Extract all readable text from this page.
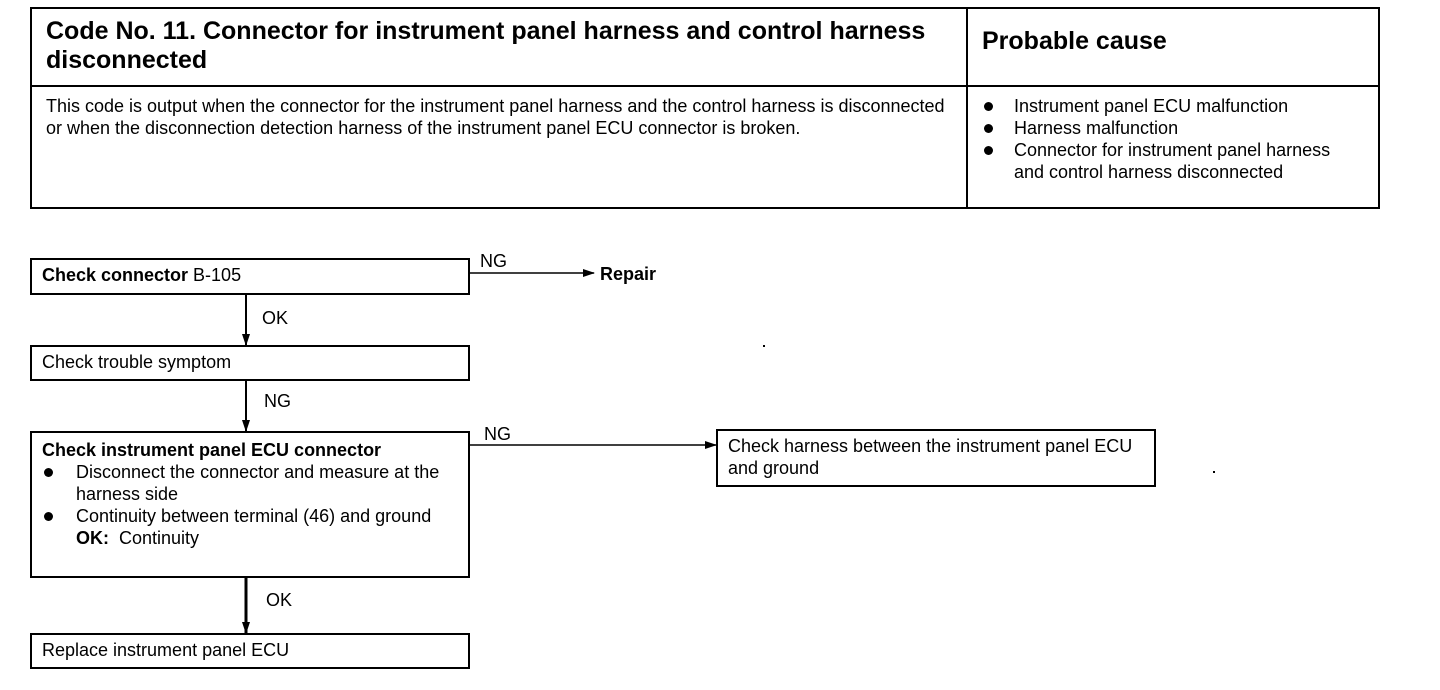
Code No. 11. Connector for instrument panel harness and control harness disconnected
Probable cause
This code is output when the connector for the instrument panel harness and the control harness is disconnected or when the disconnection detection harness of the instrument panel ECU connector is broken.
Instrument panel ECU malfunction
Harness malfunction
Connector for instrument panel harness and control harness disconnected
Check connector B-105
NG
Repair
OK
Check trouble symptom
NG
Check instrument panel ECU connector
Disconnect the connector and measure at the harness side
Continuity between terminal (46) and ground
OK: Continuity
NG
OK
Check harness between the instrument panel ECU and ground
Replace instrument panel ECU
